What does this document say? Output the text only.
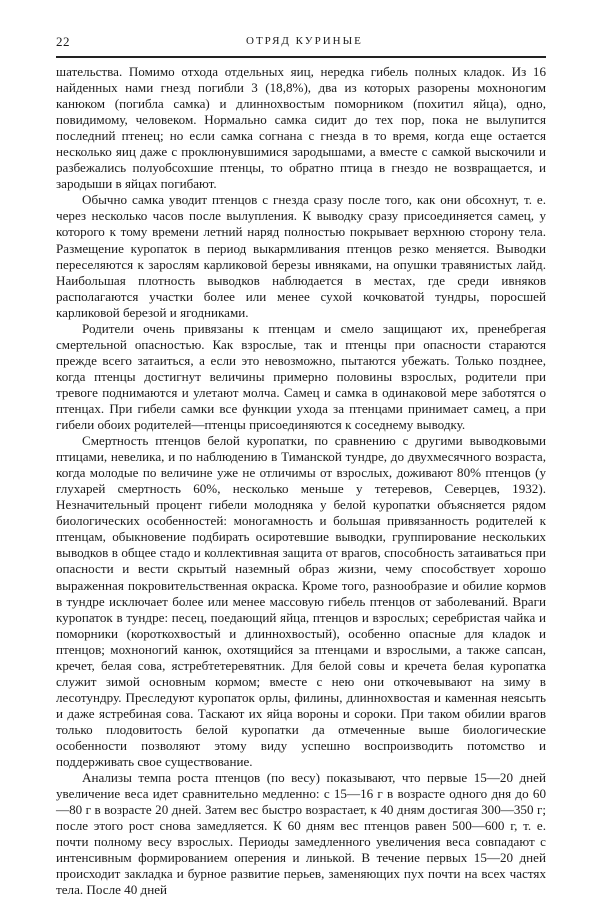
22	ОТРЯД КУРИНЫЕ

шательства. Помимо отхода отдельных яиц, нередка гибель полных кладок. Из 16 найденных нами гнезд погибли 3 (18,8%), два из которых разорены мохноногим канюком (погибла самка) и длиннохвостым поморником (похитил яйца), одно, повидимому, человеком. Нормально самка сидит до тех пор, пока не вылупится последний птенец; но если самка согнана с гнезда в то время, когда еще остается несколько яиц даже с проклюнувшимися зародышами, а вместе с самкой выскочили и разбежались полуобсохшие птенцы, то обратно птица в гнездо не возвращается, и зародыши в яйцах погибают.

Обычно самка уводит птенцов с гнезда сразу после того, как они обсохнут, т. е. через несколько часов после вылупления. К выводку сразу присоединяется самец, у которого к тому времени летний наряд полностью покрывает верхнюю сторону тела. Размещение куропаток в период выкармливания птенцов резко меняется. Выводки переселяются к зарослям карликовой березы ивняками, на опушки травянистых лайд. Наибольшая плотность выводков наблюдается в местах, где среди ивняков располагаются участки более или менее сухой кочковатой тундры, поросшей карликовой березой и ягодниками.

Родители очень привязаны к птенцам и смело защищают их, пренебрегая смертельной опасностью. Как взрослые, так и птенцы при опасности стараются прежде всего затаиться, а если это невозможно, пытаются убежать. Только позднее, когда птенцы достигнут величины примерно половины взрослых, родители при тревоге поднимаются и улетают молча. Самец и самка в одинаковой мере заботятся о птенцах. При гибели самки все функции ухода за птенцами принимает самец, а при гибели обоих родителей—птенцы присоединяются к соседнему выводку.

Смертность птенцов белой куропатки, по сравнению с другими выводковыми птицами, невелика, и по наблюдению в Тиманской тундре, до двухмесячного возраста, когда молодые по величине уже не отличимы от взрослых, доживают 80% птенцов (у глухарей смертность 60%, несколько меньше у тетеревов, Северцев, 1932). Незначительный процент гибели молодняка у белой куропатки объясняется рядом биологических особенностей: моногамность и большая привязанность родителей к птенцам, обыкновение подбирать осиротевшие выводки, группирование нескольких выводков в общее стадо и коллективная защита от врагов, способность затаиваться при опасности и вести скрытый наземный образ жизни, чему способствует хорошо выраженная покровительственная окраска. Кроме того, разнообразие и обилие кормов в тундре исключает более или менее массовую гибель птенцов от заболеваний. Враги куропаток в тундре: песец, поедающий яйца, птенцов и взрослых; серебристая чайка и поморники (короткохвостый и длиннохвостый), особенно опасные для кладок и птенцов; мохноногий канюк, охотящийся за птенцами и взрослыми, а также сапсан, кречет, белая сова, ястребтетеревятник. Для белой совы и кречета белая куропатка служит зимой основным кормом; вместе с нею они откочевывают на зиму в лесотундру. Преследуют куропаток орлы, филины, длиннохвостая и каменная неясыть и даже ястребиная сова. Таскают их яйца вороны и сороки. При таком обилии врагов только плодовитость белой куропатки да отмеченные выше биологические особенности позволяют этому виду успешно воспроизводить потомство и поддерживать свое существование.

Анализы темпа роста птенцов (по весу) показывают, что первые 15—20 дней увеличение веса идет сравнительно медленно: с 15—16 г в возрасте одного дня до 60—80 г в возрасте 20 дней. Затем вес быстро возрастает, к 40 дням достигая 300—350 г; после этого рост снова замедляется. К 60 дням вес птенцов равен 500—600 г, т. е. почти полному весу взрослых. Периоды замедленного увеличения веса совпадают с интенсивным формированием оперения и линькой. В течение первых 15—20 дней происходит закладка и бурное развитие перьев, заменяющих пух почти на всех частях тела. После 40 дней
